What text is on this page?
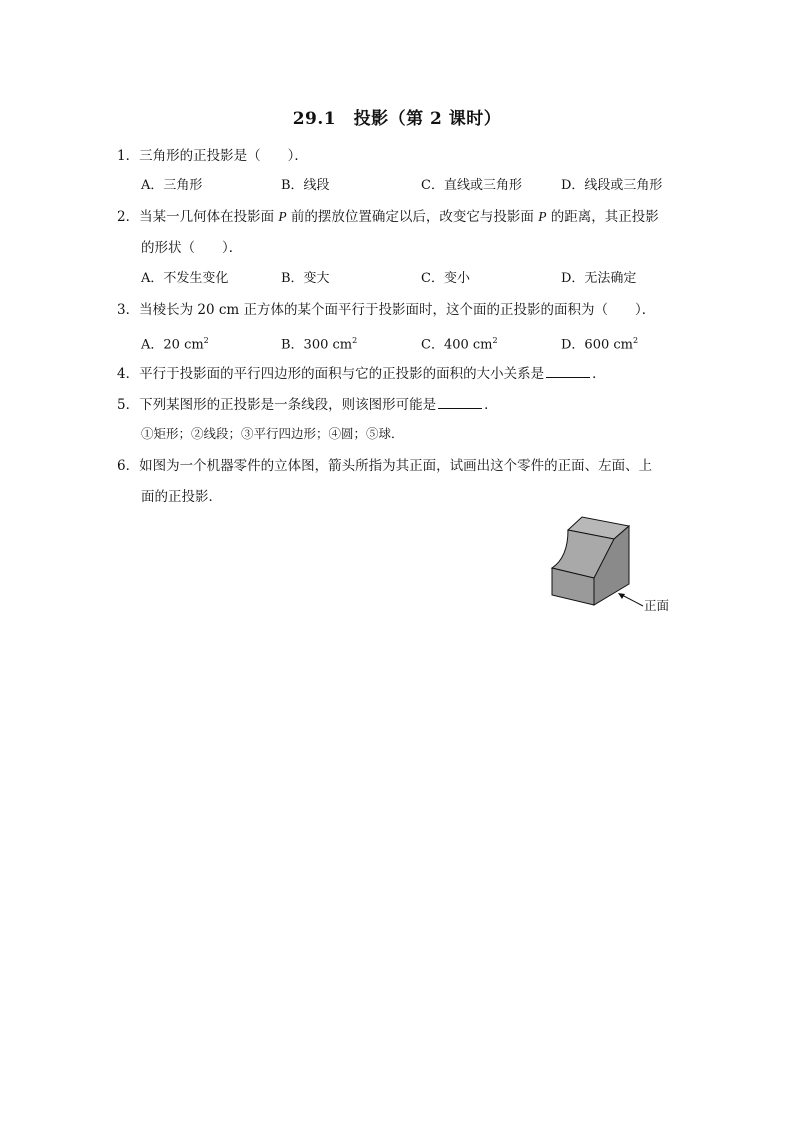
29.1　投影（第 2 课时）
1．三角形的正投影是（　　）．
A．三角形	B．线段	C．直线或三角形	D．线段或三角形
2．当某一几何体在投影面 P 前的摆放位置确定以后，改变它与投影面 P 的距离，其正投影
的形状（　　）．
A．不发生变化	B．变大	C．变小	D．无法确定
3．当棱长为 20 cm 正方体的某个面平行于投影面时，这个面的正投影的面积为（　　）．
A．20 $cm^2$	B．300 $cm^2$	C．400 $cm^2$	D．600 $cm^2$
4．平行于投影面的平行四边形的面积与它的正投影的面积的大小关系是	．
5．下列某图形的正投影是一条线段，则该图形可能是	．
①矩形；②线段；③平行四边形；④圆；⑤球．
6．如图为一个机器零件的立体图，箭头所指为其正面，试画出这个零件的正面、左面、上
面的正投影．
正面
